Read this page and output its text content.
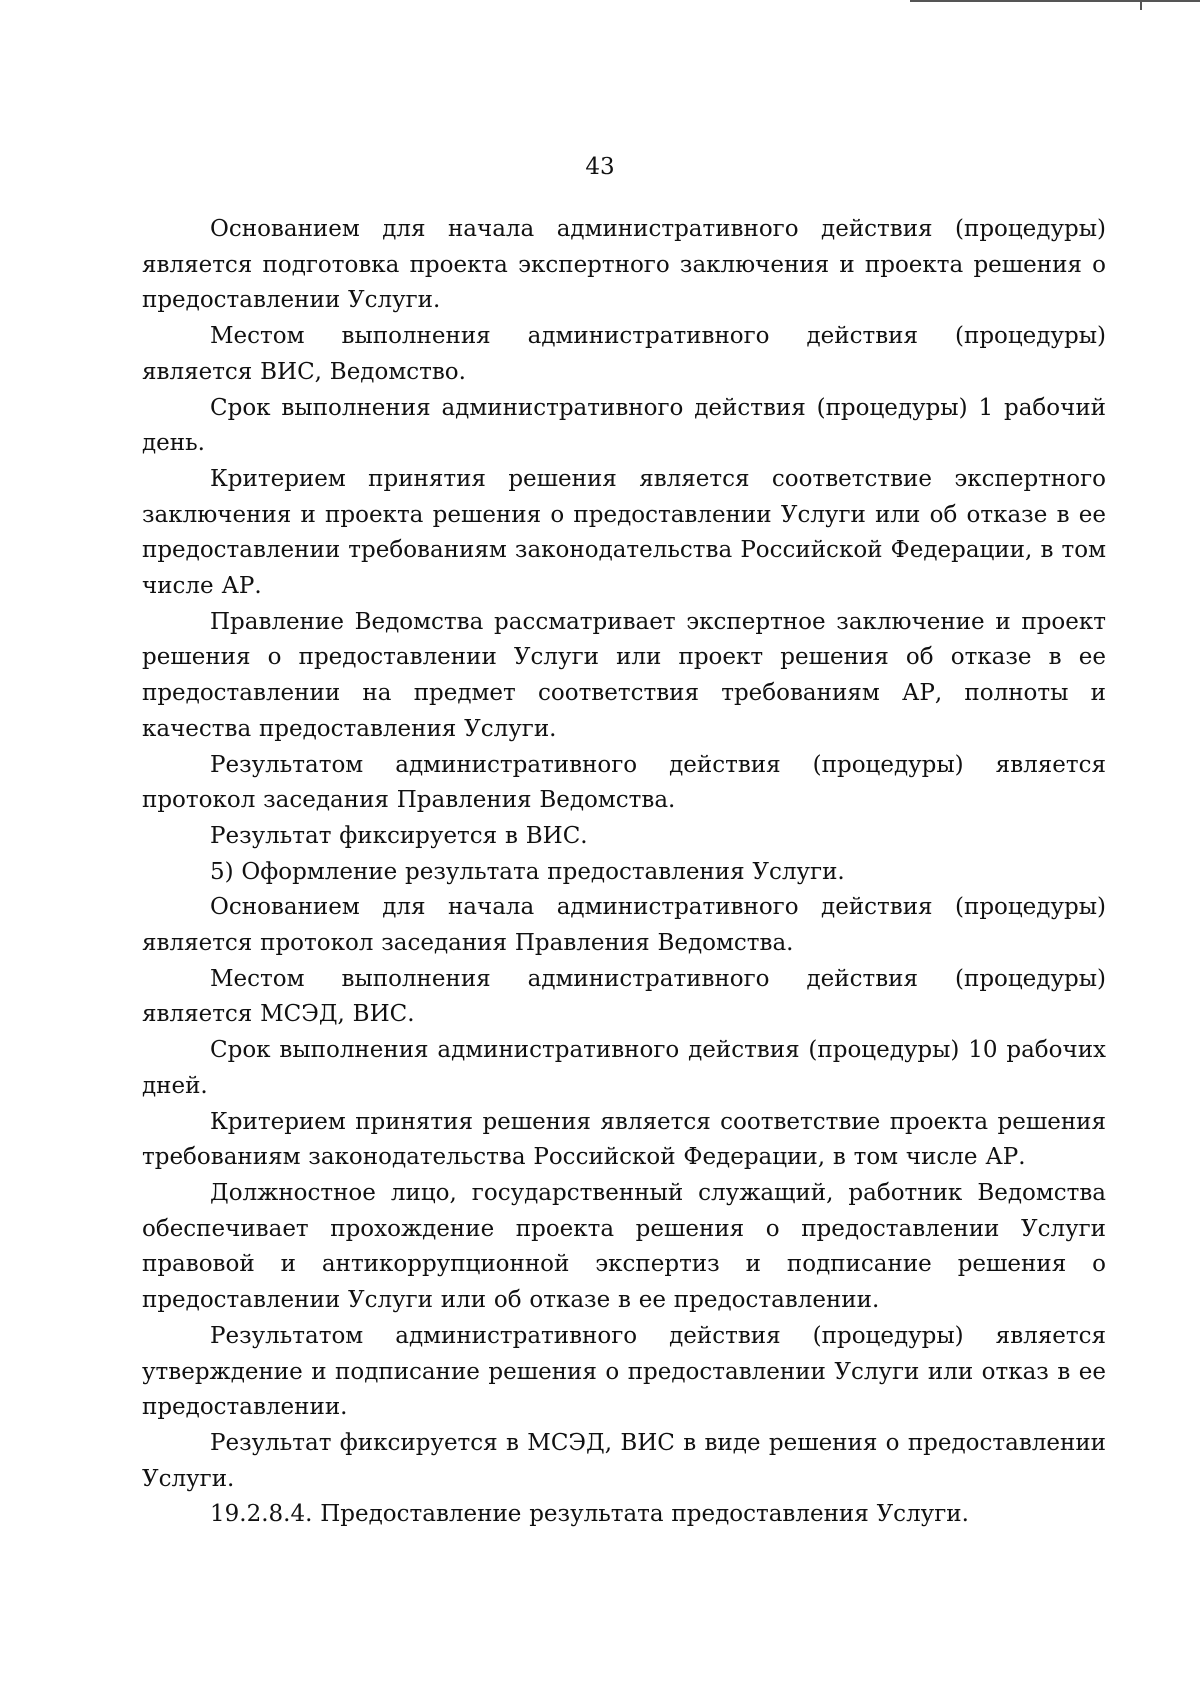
43

Основанием для начала административного действия (процедуры) является подготовка проекта экспертного заключения и проекта решения о предоставлении Услуги.

Местом выполнения административного действия (процедуры) является ВИС, Ведомство.

Срок выполнения административного действия (процедуры) 1 рабочий день.

Критерием принятия решения является соответствие экспертного заключения и проекта решения о предоставлении Услуги или об отказе в ее предоставлении требованиям законодательства Российской Федерации, в том числе АР.

Правление Ведомства рассматривает экспертное заключение и проект решения о предоставлении Услуги или проект решения об отказе в ее предоставлении на предмет соответствия требованиям АР, полноты и качества предоставления Услуги.

Результатом административного действия (процедуры) является протокол заседания Правления Ведомства.

Результат фиксируется в ВИС.

5) Оформление результата предоставления Услуги.

Основанием для начала административного действия (процедуры) является протокол заседания Правления Ведомства.

Местом выполнения административного действия (процедуры) является МСЭД, ВИС.

Срок выполнения административного действия (процедуры) 10 рабочих дней.

Критерием принятия решения является соответствие проекта решения требованиям законодательства Российской Федерации, в том числе АР.

Должностное лицо, государственный служащий, работник Ведомства обеспечивает прохождение проекта решения о предоставлении Услуги правовой и антикоррупционной экспертиз и подписание решения о предоставлении Услуги или об отказе в ее предоставлении.

Результатом административного действия (процедуры) является утверждение и подписание решения о предоставлении Услуги или отказ в ее предоставлении.

Результат фиксируется в МСЭД, ВИС в виде решения о предоставлении Услуги.

19.2.8.4. Предоставление результата предоставления Услуги.
